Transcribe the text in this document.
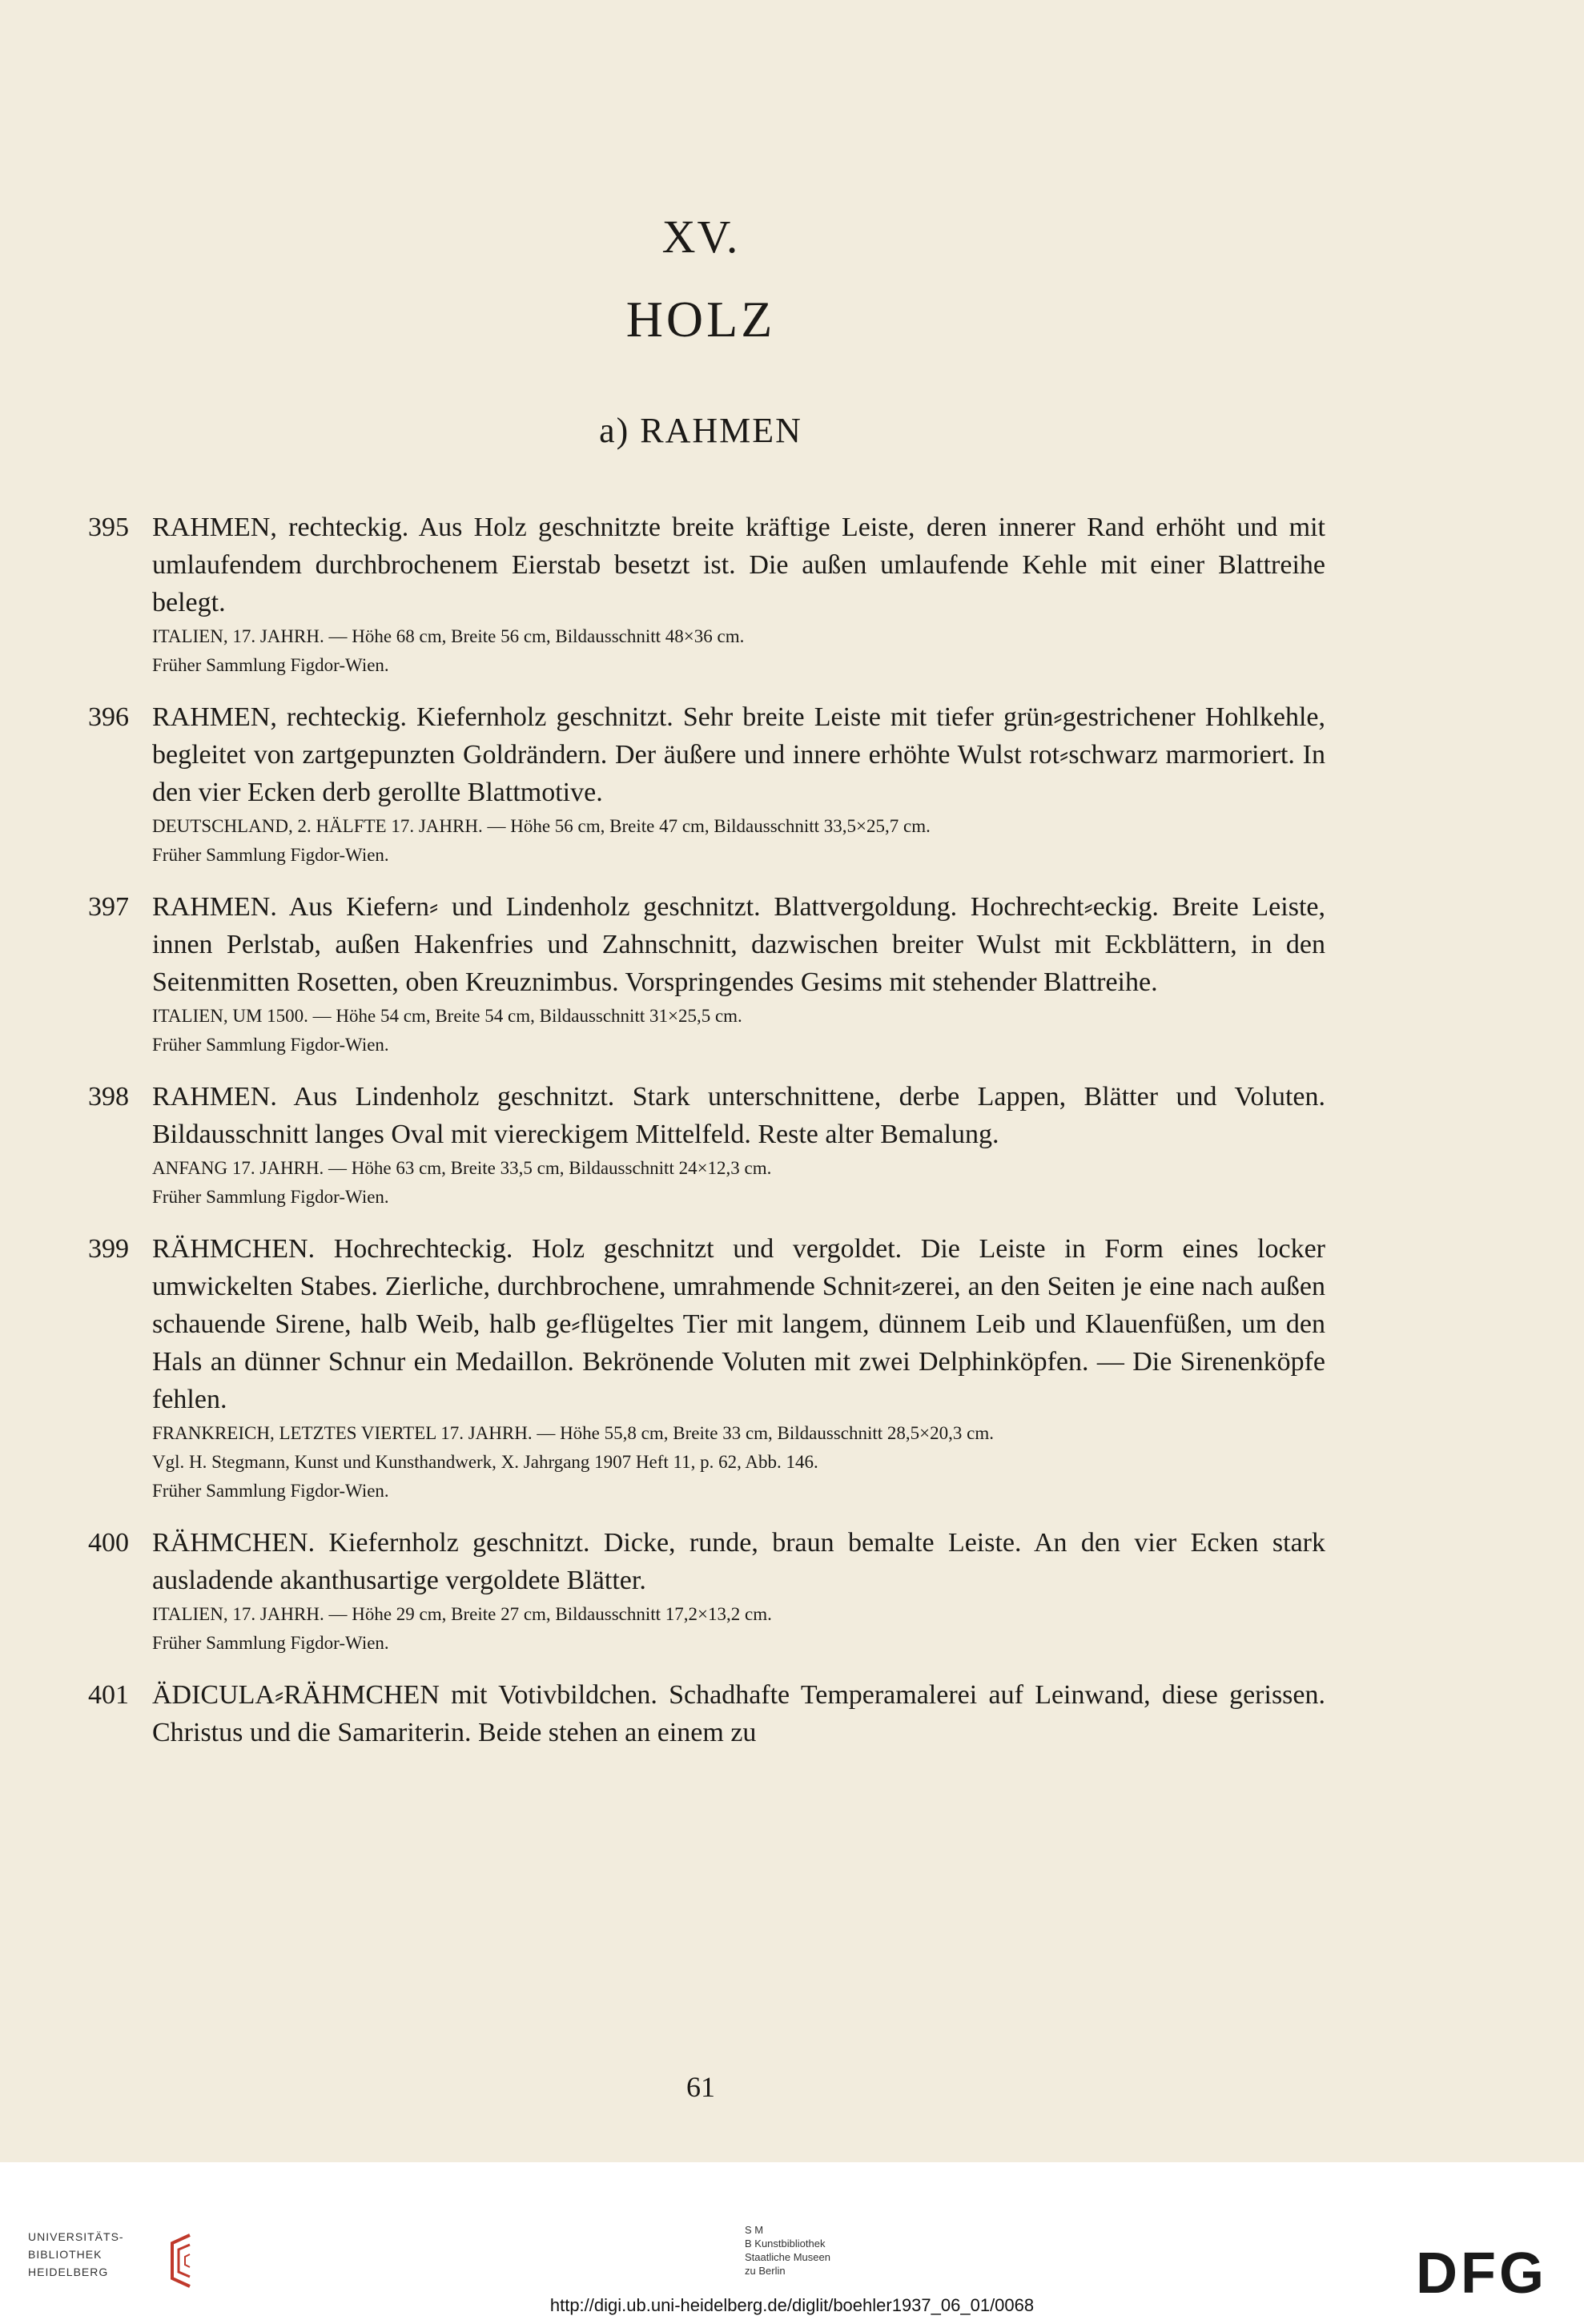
XV.
HOLZ
a) RAHMEN
395 RAHMEN, rechteckig. Aus Holz geschnitzte breite kräftige Leiste, deren innerer Rand erhöht und mit umlaufendem durchbrochenem Eierstab besetzt ist. Die außen umlaufende Kehle mit einer Blattreihe belegt.

ITALIEN, 17. JAHRH. — Höhe 68 cm, Breite 56 cm, Bildausschnitt 48×36 cm.

Früher Sammlung Figdor-Wien.

396 RAHMEN, rechteckig. Kiefernholz geschnitzt. Sehr breite Leiste mit tiefer grün⸗gestrichener Hohlkehle, begleitet von zartgepunzten Goldrändern. Der äußere und innere erhöhte Wulst rot⸗schwarz marmoriert. In den vier Ecken derb gerollte Blattmotive.

DEUTSCHLAND, 2. HÄLFTE 17. JAHRH. — Höhe 56 cm, Breite 47 cm, Bildausschnitt 33,5×25,7 cm.

Früher Sammlung Figdor-Wien.

397 RAHMEN. Aus Kiefern⸗ und Lindenholz geschnitzt. Blattvergoldung. Hochrecht⸗eckig. Breite Leiste, innen Perlstab, außen Hakenfries und Zahnschnitt, dazwischen breiter Wulst mit Eckblättern, in den Seitenmitten Rosetten, oben Kreuznimbus. Vorspringendes Gesims mit stehender Blattreihe.

ITALIEN, UM 1500. — Höhe 54 cm, Breite 54 cm, Bildausschnitt 31×25,5 cm.

Früher Sammlung Figdor-Wien.

398 RAHMEN. Aus Lindenholz geschnitzt. Stark unterschnittene, derbe Lappen, Blätter und Voluten. Bildausschnitt langes Oval mit viereckigem Mittelfeld. Reste alter Bemalung.

ANFANG 17. JAHRH. — Höhe 63 cm, Breite 33,5 cm, Bildausschnitt 24×12,3 cm.

Früher Sammlung Figdor-Wien.

399 RÄHMCHEN. Hochrechteckig. Holz geschnitzt und vergoldet. Die Leiste in Form eines locker umwickelten Stabes. Zierliche, durchbrochene, umrahmende Schnit⸗zerei, an den Seiten je eine nach außen schauende Sirene, halb Weib, halb ge⸗flügeltes Tier mit langem, dünnem Leib und Klauenfüßen, um den Hals an dünner Schnur ein Medaillon. Bekrönende Voluten mit zwei Delphinköpfen. — Die Sirenenköpfe fehlen.

FRANKREICH, LETZTES VIERTEL 17. JAHRH. — Höhe 55,8 cm, Breite 33 cm, Bildausschnitt 28,5×20,3 cm.

Vgl. H. Stegmann, Kunst und Kunsthandwerk, X. Jahrgang 1907 Heft 11, p. 62, Abb. 146.

Früher Sammlung Figdor-Wien.

400 RÄHMCHEN. Kiefernholz geschnitzt. Dicke, runde, braun bemalte Leiste. An den vier Ecken stark ausladende akanthusartige vergoldete Blätter.

ITALIEN, 17. JAHRH. — Höhe 29 cm, Breite 27 cm, Bildausschnitt 17,2×13,2 cm.

Früher Sammlung Figdor-Wien.

401 ÄDICULA⸗RÄHMCHEN mit Votivbildchen. Schadhafte Temperamalerei auf Leinwand, diese gerissen. Christus und die Samariterin. Beide stehen an einem zu

61
UNIVERSITÄTS-
BIBLIOTHEK
HEIDELBERG
S M
B Kunstbibliothek
Staatliche Museen
zu Berlin	DFG
http://digi.ub.uni-heidelberg.de/diglit/boehler1937_06_01/0068
